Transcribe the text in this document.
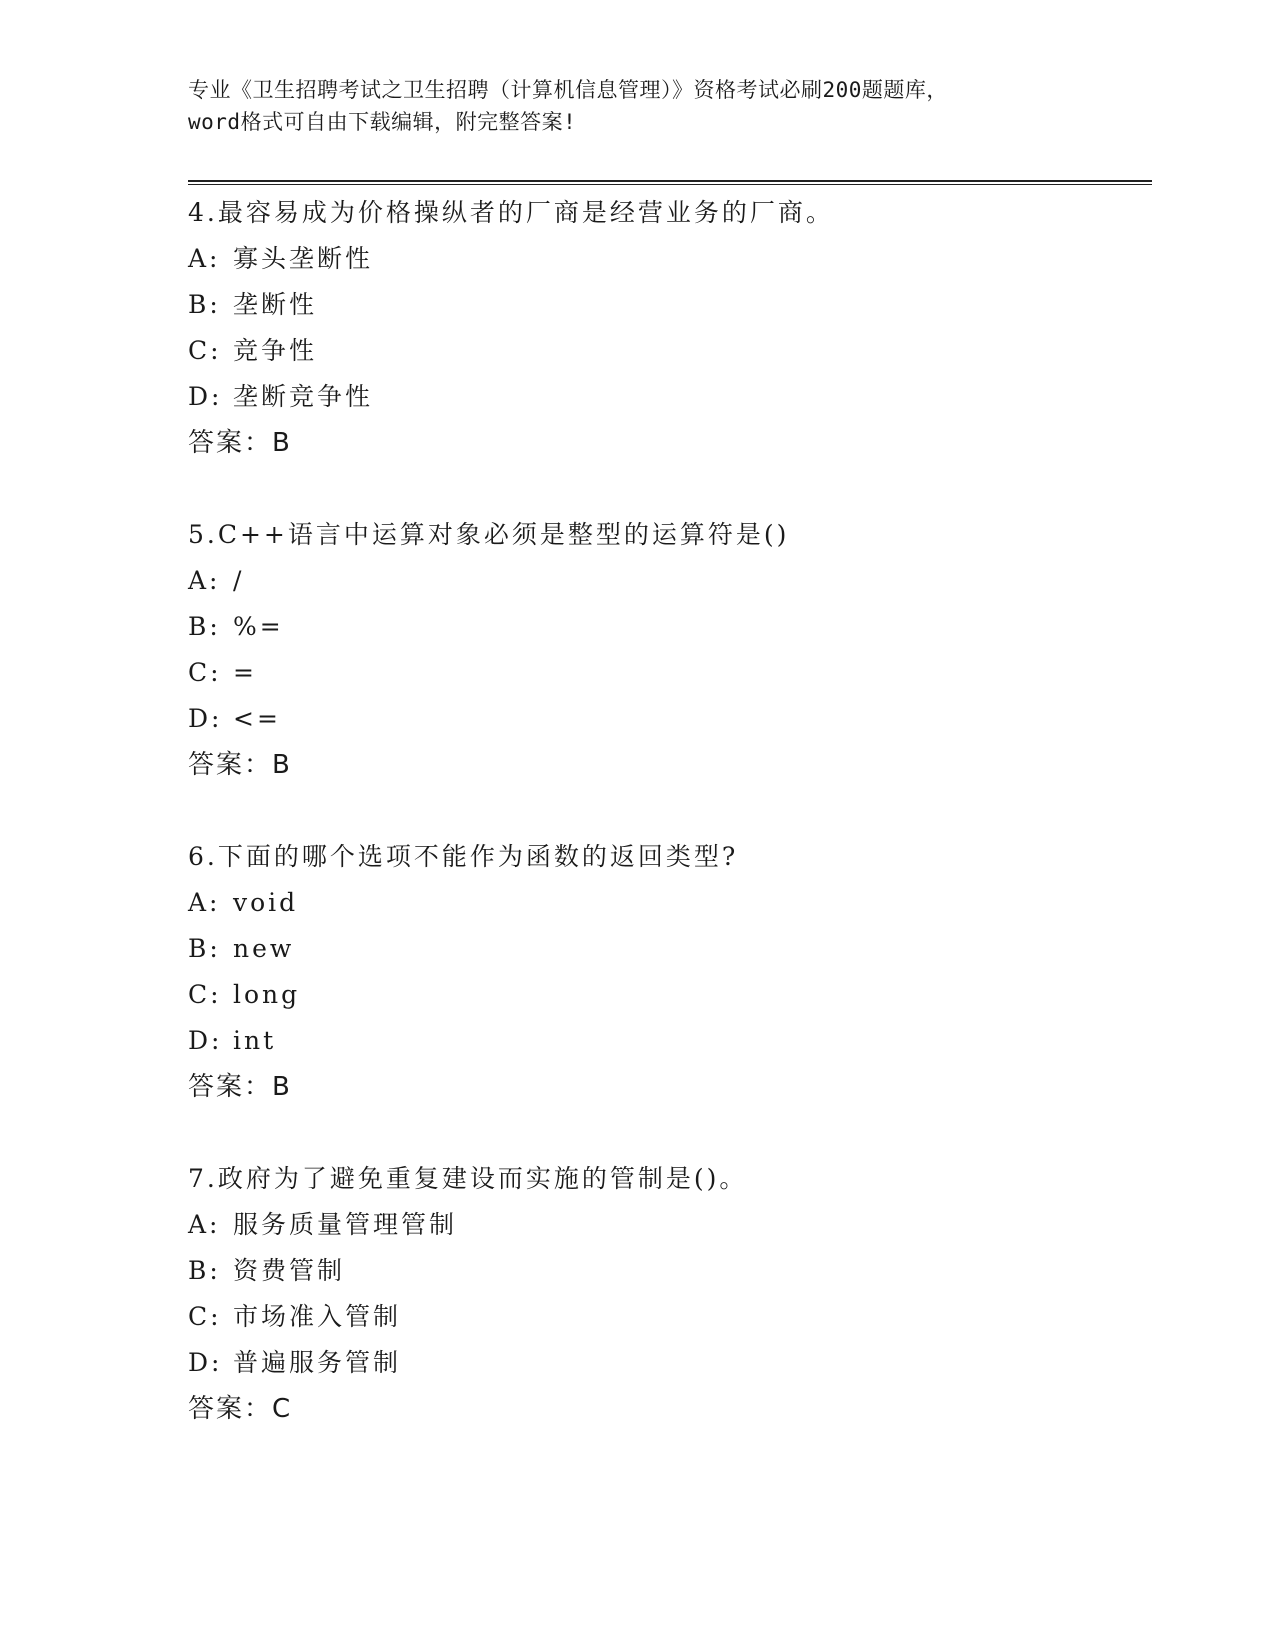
专业《卫生招聘考试之卫生招聘（计算机信息管理）》资格考试必刷200题题库，

word格式可自由下载编辑，附完整答案!

4.最容易成为价格操纵者的厂商是经营业务的厂商。
A: 寡头垄断性
B: 垄断性
C: 竞争性
D: 垄断竞争性
答案：B
5.C++语言中运算对象必须是整型的运算符是()
A: /
B: %=
C: =
D: <=
答案：B
6.下面的哪个选项不能作为函数的返回类型?
A: void
B: new
C: long
D: int
答案：B
7.政府为了避免重复建设而实施的管制是()。
A: 服务质量管理管制
B: 资费管制
C: 市场准入管制
D: 普遍服务管制
答案：C
